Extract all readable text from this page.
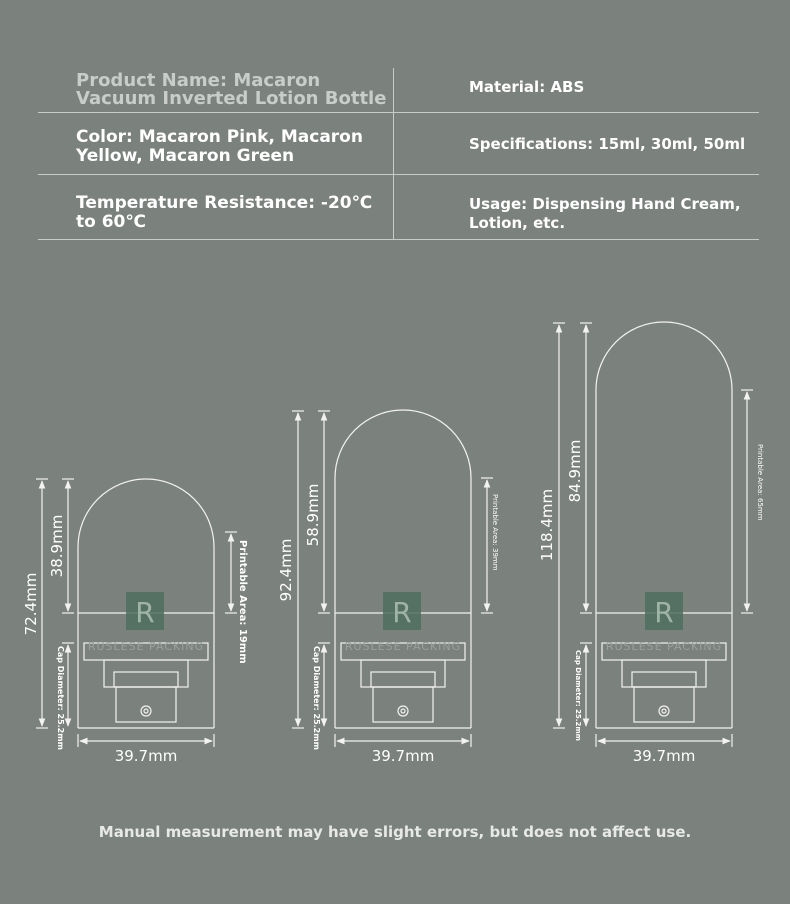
Product Name: Macaron Vacuum Inverted Lotion Bottle
Material: ABS
Color: Macaron Pink, Macaron Yellow, Macaron Green
Specifications: 15ml, 30ml, 50ml
Temperature Resistance: -20℃ to 60℃
Usage: Dispensing Hand Cream, Lotion, etc.
R
RUSLESE PACKING
R
RUSLESE PACKING
R
RUSLESE PACKING
72.4mm
38.9mm	Printable Area: 19mm
Cap Diameter: 25.2mm
39.7mm
92.4mm
58.9mm	Printable Area: 39mm
Cap Diameter: 25.2mm
39.7mm
118.4mm
84.9mm	Printable Area: 65mm
Cap Diameter: 25.2mm
39.7mm
Manual measurement may have slight errors, but does not affect use.
